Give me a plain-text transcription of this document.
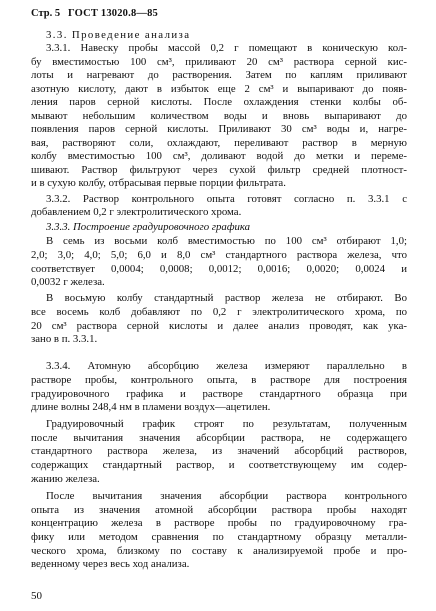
Стр. 5 ГОСТ 13020.8—85
3.3. Проведение анализа
3.3.1. Навеску пробы массой 0,2 г помещают в коническую кол-
бу вместимостью 100 см³, приливают 20 см³ раствора серной кис-
лоты и нагревают до растворения. Затем по каплям приливают
азотную кислоту, дают в избыток еще 2 см³ и выпаривают до появ-
ления паров серной кислоты. После охлаждения стенки колбы об-
мывают небольшим количеством воды и вновь выпаривают до
появления паров серной кислоты. Приливают 30 см³ воды и, нагре-
вая, растворяют соли, охлаждают, переливают раствор в мерную
колбу вместимостью 100 см³, доливают водой до метки и переме-
шивают. Раствор фильтруют через сухой фильтр средней плотност-
и в сухую колбу, отбрасывая первые порции фильтрата.
3.3.2. Раствор контрольного опыта готовят согласно п. 3.3.1 с
добавлением 0,2 г электролитического хрома.
3.3.3. Построение градуировочного графика
В семь из восьми колб вместимостью по 100 см³ отбирают 1,0;
2,0; 3,0; 4,0; 5,0; 6,0 и 8,0 см³ стандартного раствора железа, что
соответствует 0,0004; 0,0008; 0,0012; 0,0016; 0,0020; 0,0024 и
0,0032 г железа.
В восьмую колбу стандартный раствор железа не отбирают. Во
все восемь колб добавляют по 0,2 г электролитического хрома, по
20 см³ раствора серной кислоты и далее анализ проводят, как ука-
зано в п. 3.3.1.
3.3.4. Атомную абсорбцию железа измеряют параллельно в
растворе пробы, контрольного опыта, в растворе для построения
градуировочного графика и растворе стандартного образца при
длине волны 248,4 нм в пламени воздух—ацетилен.
Градуировочный график строят по результатам, полученным
после вычитания значения абсорбции раствора, не содержащего
стандартного раствора железа, из значений абсорбций растворов,
содержащих стандартный раствор, и соответствующему им содер-
жанию железа.
После вычитания значения абсорбции раствора контрольного
опыта из значения атомной абсорбции раствора пробы находят
концентрацию железа в растворе пробы по градуировочному гра-
фику или методом сравнения по стандартному образцу металли-
ческого хрома, близкому по составу к анализируемой пробе и про-
веденному через весь ход анализа.
50
